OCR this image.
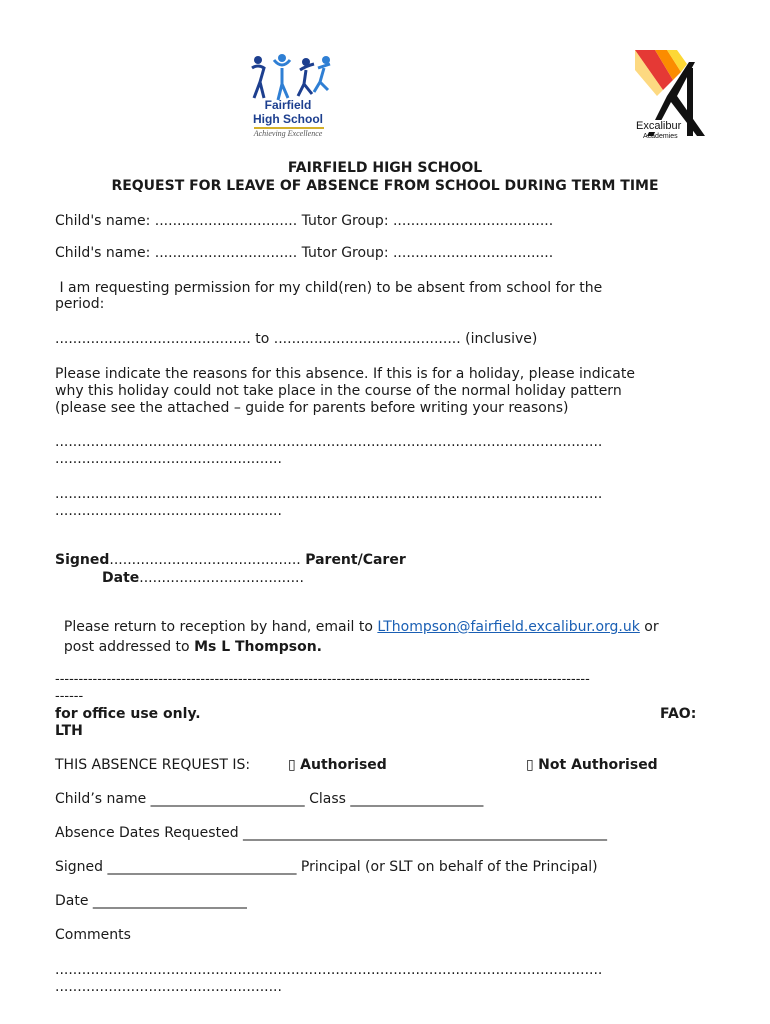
Fairfield
High School
Achieving Excellence
Excalibur
Academies
FAIRFIELD HIGH SCHOOL
REQUEST FOR LEAVE OF ABSENCE FROM SCHOOL DURING TERM TIME
Child's name: ................................ Tutor Group: ....................................
Child's name: ................................ Tutor Group: ....................................
I am requesting permission for my child(ren) to be absent from school for the
period:
............................................ to .......................................... (inclusive)
Please indicate the reasons for this absence. If this is for a holiday, please indicate
why this holiday could not take place in the course of the normal holiday pattern
(please see the attached – guide for parents before writing your reasons)
...........................................................................................................................
...................................................
...........................................................................................................................
...................................................
Signed........................................... Parent/Carer
Date.....................................

Please return to reception by hand, email to LThompson@fairfield.excalibur.org.uk or

post addressed to Ms L Thompson.

------------------------------------------------------------------------------------------------------------------
------
for office use only.	FAO:
LTH
THIS ABSENCE REQUEST IS:	▯ Authorised	▯ Not Authorised
Child’s name ______________________ Class ___________________
Absence Dates Requested ____________________________________________________
Signed ___________________________ Principal (or SLT on behalf of the Principal)
Date ______________________
Comments
...........................................................................................................................
...................................................
